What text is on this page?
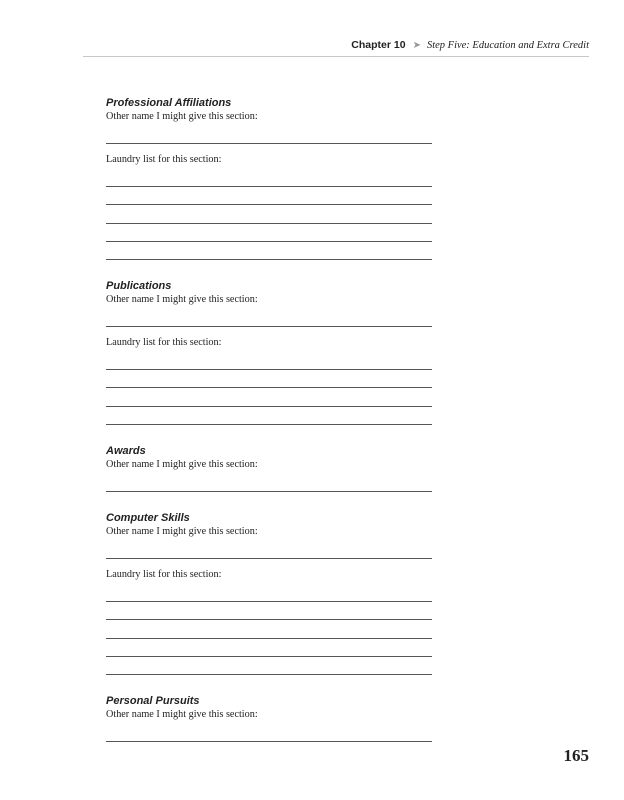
Chapter 10 ➤ Step Five: Education and Extra Credit
Professional Affiliations
Other name I might give this section:
Laundry list for this section:
Publications
Other name I might give this section:
Laundry list for this section:
Awards
Other name I might give this section:
Computer Skills
Other name I might give this section:
Laundry list for this section:
Personal Pursuits
Other name I might give this section:
165
